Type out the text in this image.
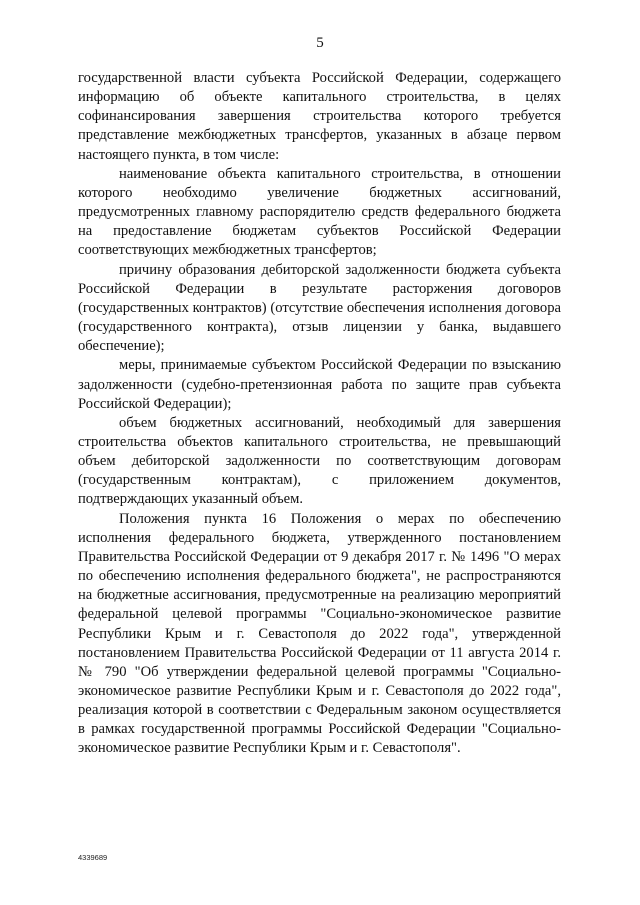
5

государственной власти субъекта Российской Федерации, содержащего информацию об объекте капитального строительства, в целях софинансирования завершения строительства которого требуется представление межбюджетных трансфертов, указанных в абзаце первом настоящего пункта, в том числе:

наименование объекта капитального строительства, в отношении которого необходимо увеличение бюджетных ассигнований, предусмотренных главному распорядителю средств федерального бюджета на предоставление бюджетам субъектов Российской Федерации соответствующих межбюджетных трансфертов;

причину образования дебиторской задолженности бюджета субъекта Российской Федерации в результате расторжения договоров (государственных контрактов) (отсутствие обеспечения исполнения договора (государственного контракта), отзыв лицензии у банка, выдавшего обеспечение);

меры, принимаемые субъектом Российской Федерации по взысканию задолженности (судебно-претензионная работа по защите прав субъекта Российской Федерации);

объем бюджетных ассигнований, необходимый для завершения строительства объектов капитального строительства, не превышающий объем дебиторской задолженности по соответствующим договорам (государственным контрактам), с приложением документов, подтверждающих указанный объем.

Положения пункта 16 Положения о мерах по обеспечению исполнения федерального бюджета, утвержденного постановлением Правительства Российской Федерации от 9 декабря 2017 г. № 1496 "О мерах по обеспечению исполнения федерального бюджета", не распространяются на бюджетные ассигнования, предусмотренные на реализацию мероприятий федеральной целевой программы "Социально-экономическое развитие Республики Крым и г. Севастополя до 2022 года", утвержденной постановлением Правительства Российской Федерации от 11 августа 2014 г. № 790 "Об утверждении федеральной целевой программы "Социально-экономическое развитие Республики Крым и г. Севастополя до 2022 года", реализация которой в соответствии с Федеральным законом осуществляется в рамках государственной программы Российской Федерации "Социально-экономическое развитие Республики Крым и г. Севастополя".

4339689
